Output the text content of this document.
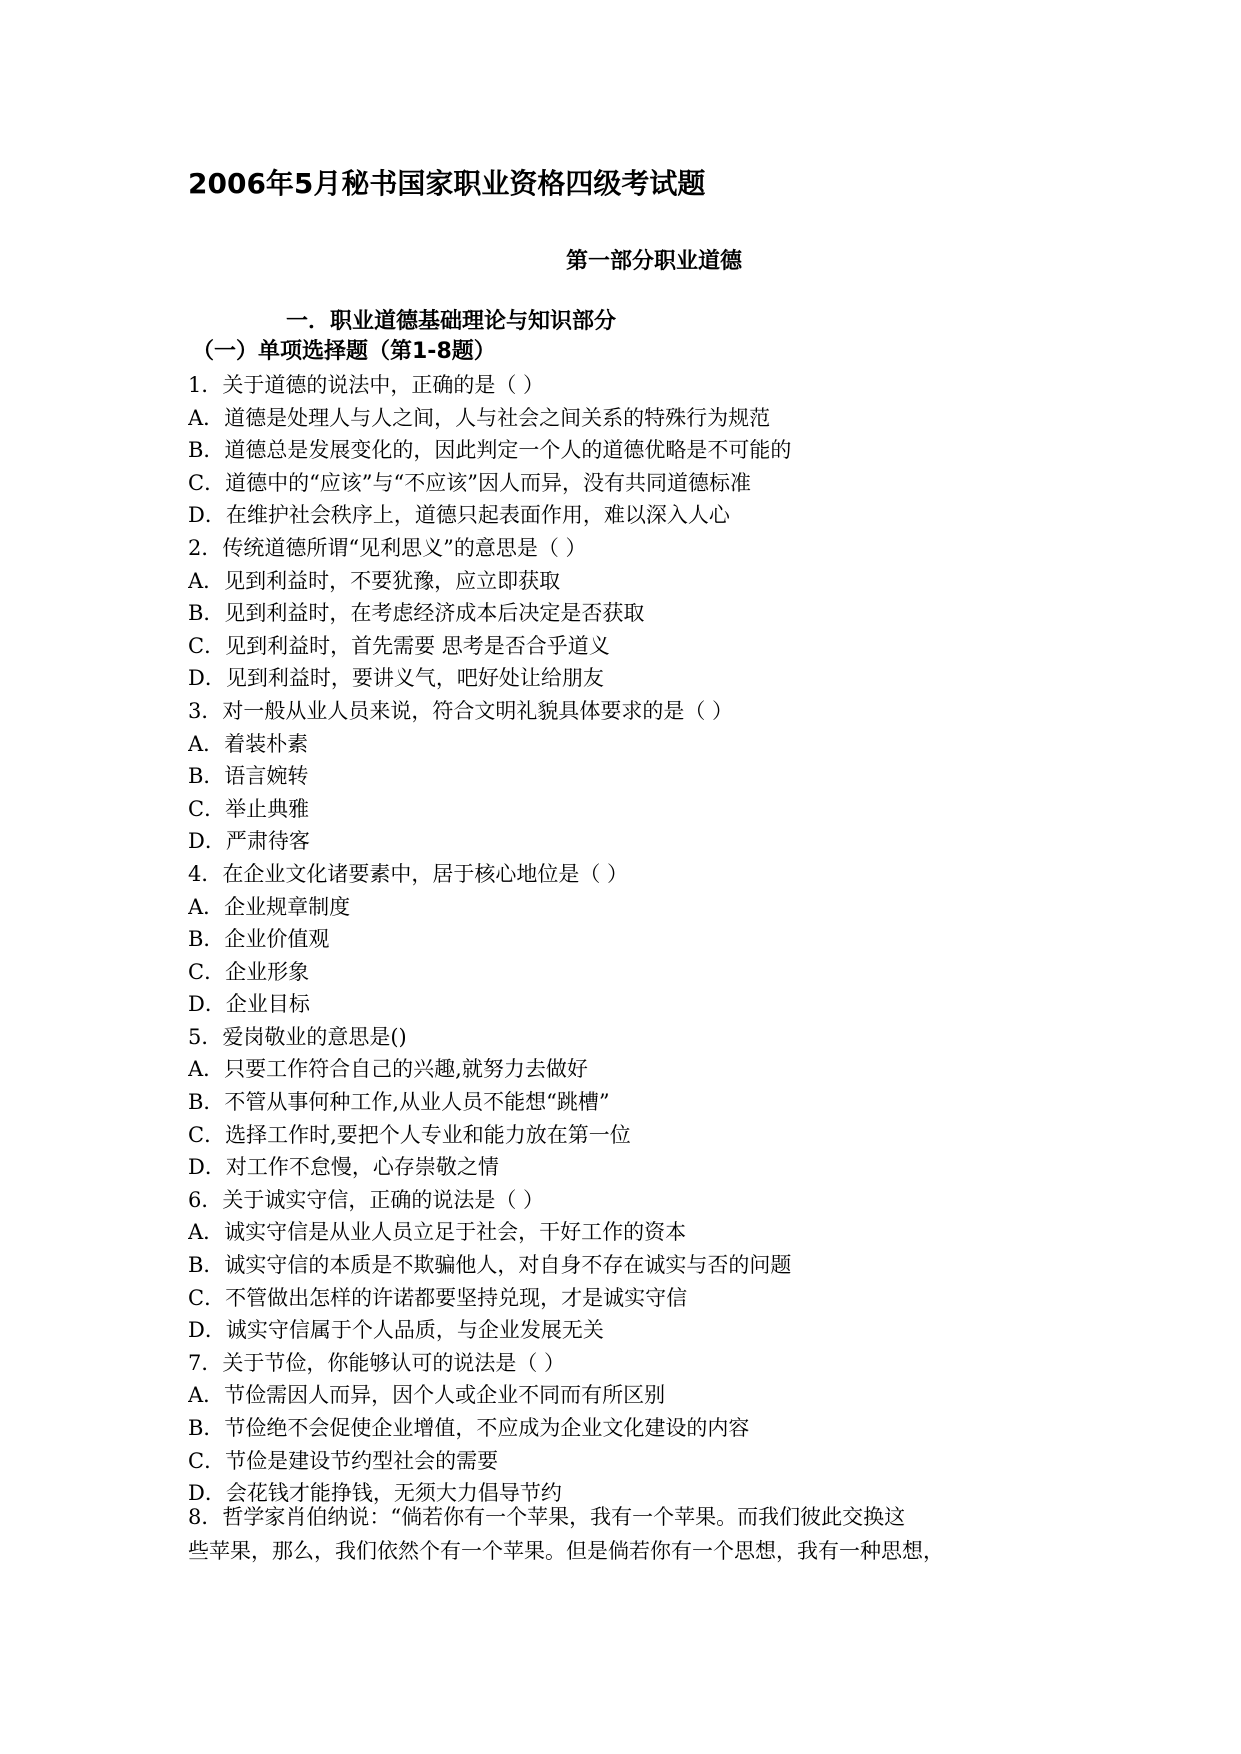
2006年5月秘书国家职业资格四级考试题
第一部分职业道德
一．职业道德基础理论与知识部分
（一）单项选择题（第1-8题）
1．关于道德的说法中，正确的是（ ）
A．道德是处理人与人之间，人与社会之间关系的特殊行为规范
B．道德总是发展变化的，因此判定一个人的道德优略是不可能的
C．道德中的“应该”与“不应该”因人而异，没有共同道德标准
D．在维护社会秩序上，道德只起表面作用，难以深入人心
2．传统道德所谓“见利思义”的意思是（ ）
A．见到利益时，不要犹豫，应立即获取
B．见到利益时，在考虑经济成本后决定是否获取
C．见到利益时，首先需要 思考是否合乎道义
D．见到利益时，要讲义气，吧好处让给朋友
3．对一般从业人员来说，符合文明礼貌具体要求的是（ ）
A．着装朴素
B．语言婉转
C．举止典雅
D．严肃待客
4．在企业文化诸要素中，居于核心地位是（ ）
A．企业规章制度
B．企业价值观
C．企业形象
D．企业目标
5．爱岗敬业的意思是()
A．只要工作符合自己的兴趣,就努力去做好
B．不管从事何种工作,从业人员不能想“跳槽”
C．选择工作时,要把个人专业和能力放在第一位
D．对工作不怠慢，心存崇敬之情
6．关于诚实守信，正确的说法是（ ）
A．诚实守信是从业人员立足于社会，干好工作的资本
B．诚实守信的本质是不欺骗他人，对自身不存在诚实与否的问题
C．不管做出怎样的许诺都要坚持兑现，才是诚实守信
D．诚实守信属于个人品质，与企业发展无关
7．关于节俭，你能够认可的说法是（ ）
A．节俭需因人而异，因个人或企业不同而有所区别
B．节俭绝不会促使企业增值，不应成为企业文化建设的内容
C．节俭是建设节约型社会的需要
D．会花钱才能挣钱，无须大力倡导节约

8．哲学家肖伯纳说：“倘若你有一个苹果，我有一个苹果。而我们彼此交换这

些苹果，那么，我们依然个有一个苹果。但是倘若你有一个思想，我有一种思想，
